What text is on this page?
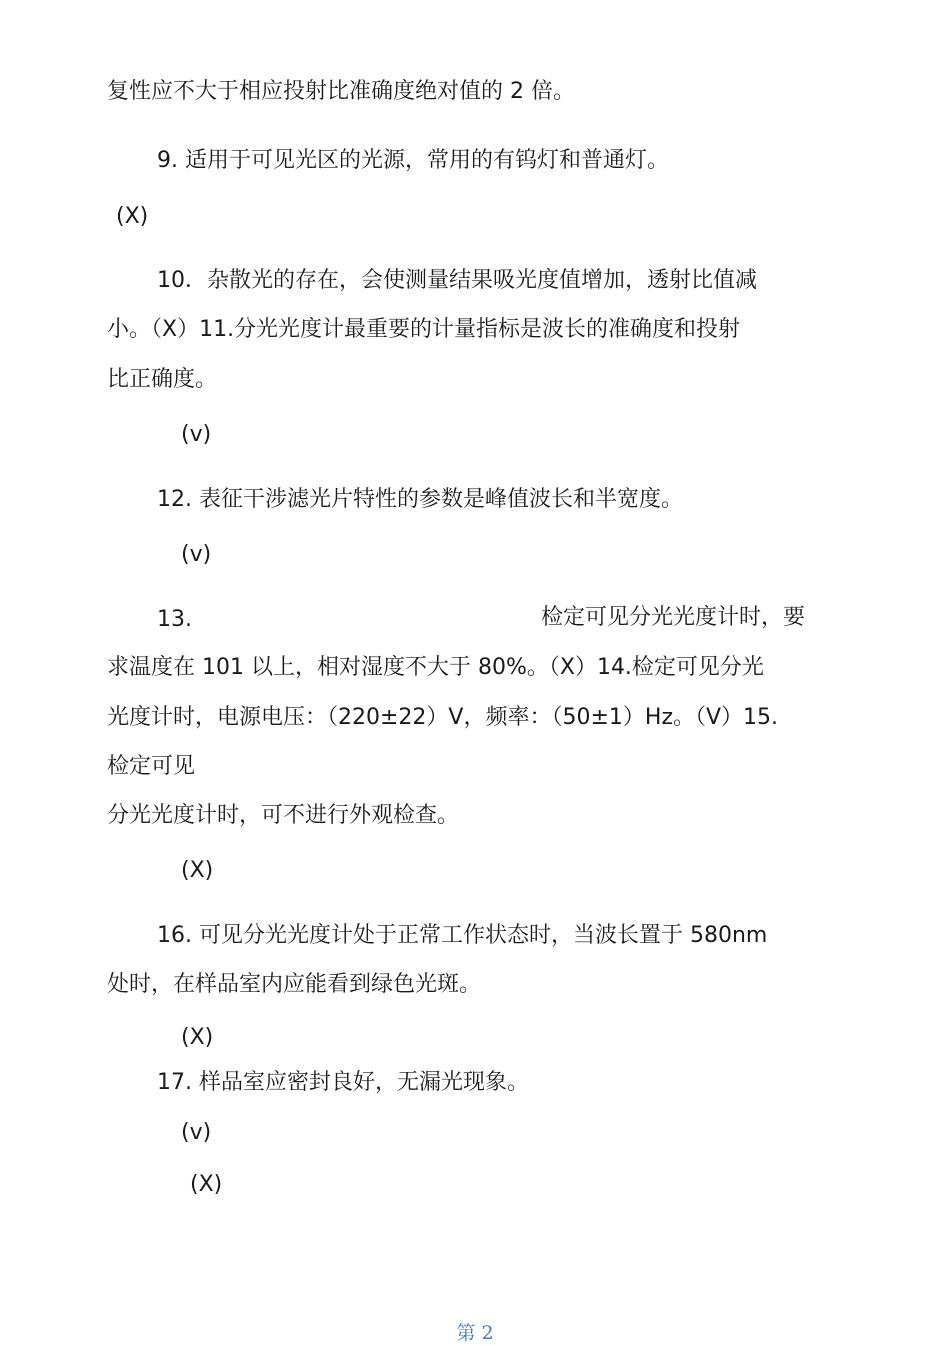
复性应不大于相应投射比准确度绝对值的 2 倍。
9. 适用于可见光区的光源，常用的有钨灯和普通灯。
(X)
10．杂散光的存在，会使测量结果吸光度值增加，透射比值减
小。（X）11.分光光度计最重要的计量指标是波长的准确度和投射
比正确度。
(v)
12. 表征干涉滤光片特性的参数是峰值波长和半宽度。
(v)
13.	检定可见分光光度计时，要
求温度在 101 以上，相对湿度不大于 80%。（X）14.检定可见分光
光度计时，电源电压：（220±22）V，频率：（50±1）Hz。（V）15.
检定可见
分光光度计时，可不进行外观检查。
(X)
16. 可见分光光度计处于正常工作状态时，当波长置于 580nm
处时，在样品室内应能看到绿色光斑。
(X)
17. 样品室应密封良好，无漏光现象。
(v)
(X)
第 2
